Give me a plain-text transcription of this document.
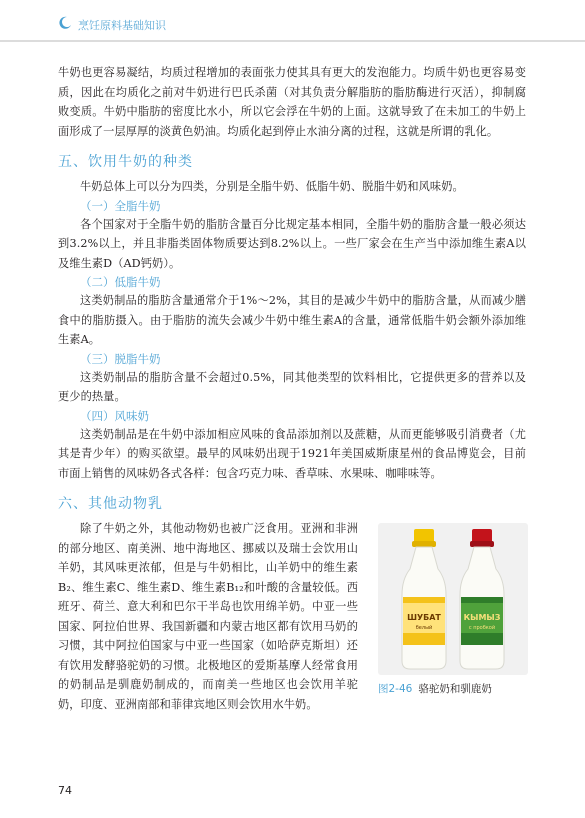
烹饪原料基础知识

牛奶也更容易凝结，均质过程增加的表面张力使其具有更大的发泡能力。均质牛奶也更容易变质，因此在均质化之前对牛奶进行巴氏杀菌（对其负责分解脂肪的脂肪酶进行灭活），抑制腐败变质。牛奶中脂肪的密度比水小，所以它会浮在牛奶的上面。这就导致了在未加工的牛奶上面形成了一层厚厚的淡黄色奶油。均质化起到停止水油分离的过程，这就是所谓的乳化。

五、饮用牛奶的种类

牛奶总体上可以分为四类，分别是全脂牛奶、低脂牛奶、脱脂牛奶和风味奶。

（一）全脂牛奶

各个国家对于全脂牛奶的脂肪含量百分比规定基本相同，全脂牛奶的脂肪含量一般必须达到3.2%以上，并且非脂类固体物质要达到8.2%以上。一些厂家会在生产当中添加维生素A以及维生素D（AD钙奶）。

（二）低脂牛奶

这类奶制品的脂肪含量通常介于1%～2%，其目的是减少牛奶中的脂肪含量，从而减少膳食中的脂肪摄入。由于脂肪的流失会减少牛奶中维生素A的含量，通常低脂牛奶会额外添加维生素A。

（三）脱脂牛奶

这类奶制品的脂肪含量不会超过0.5%，同其他类型的饮料相比，它提供更多的营养以及更少的热量。

（四）风味奶

这类奶制品是在牛奶中添加相应风味的食品添加剂以及蔗糖，从而更能够吸引消费者（尤其是青少年）的购买欲望。最早的风味奶出现于1921年美国威斯康星州的食品博览会，目前市面上销售的风味奶各式各样：包含巧克力味、香草味、水果味、咖啡味等。

六、其他动物乳

除了牛奶之外，其他动物奶也被广泛食用。亚洲和非洲的部分地区、南美洲、地中海地区、挪威以及瑞士会饮用山羊奶，其风味更浓郁，但是与牛奶相比，山羊奶中的维生素B₂、维生素C、维生素D、维生素B₁₂和叶酸的含量较低。西班牙、荷兰、意大利和巴尔干半岛也饮用绵羊奶。中亚一些国家、阿拉伯世界、我国新疆和内蒙古地区都有饮用马奶的习惯，其中阿拉伯国家与中亚一些国家（如哈萨克斯坦）还有饮用发酵骆驼奶的习惯。北极地区的爱斯基摩人经常食用的奶制品是驯鹿奶制成的，而南美一些地区也会饮用羊驼奶，印度、亚洲南部和菲律宾地区则会饮用水牛奶。

ШУБАТ
белый
КЫМЫЗ
с пробкой
图2-46 骆驼奶和驯鹿奶
74
